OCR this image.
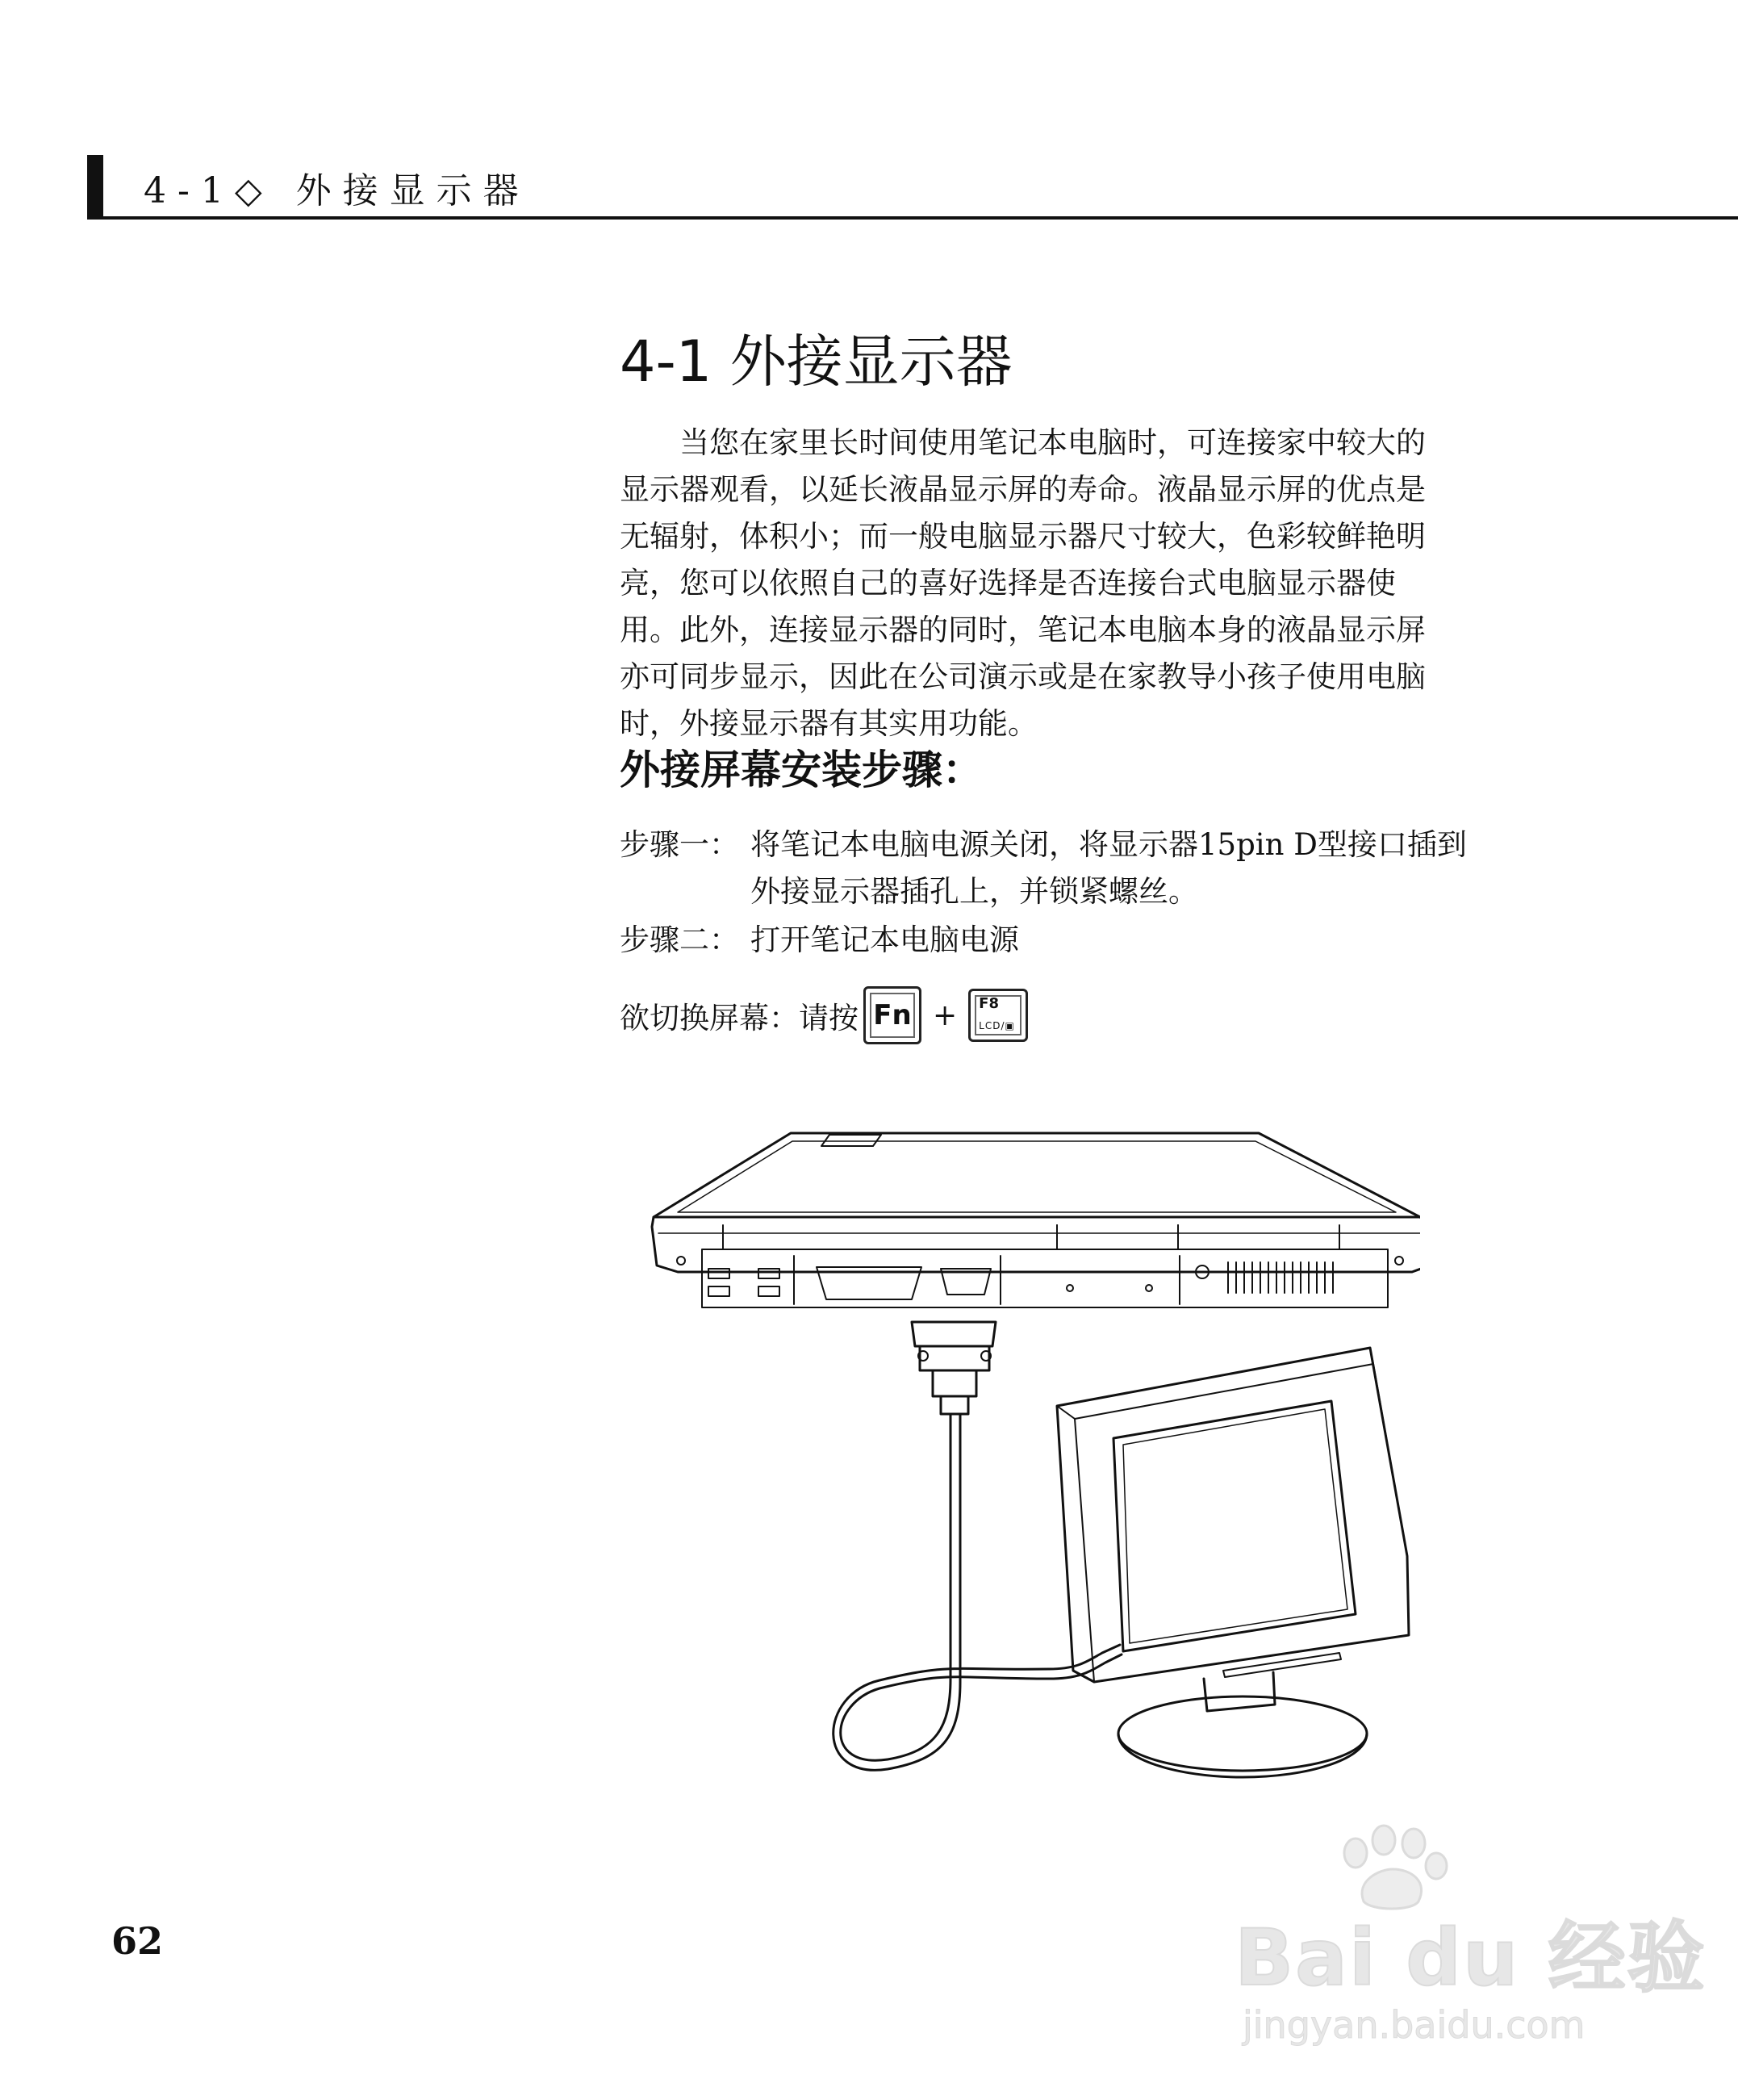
4-1◇ 外接显示器
4-1 外接显示器
当您在家里长时间使用笔记本电脑时，可连接家中较大的
显示器观看，以延长液晶显示屏的寿命。液晶显示屏的优点是
无辐射，体积小；而一般电脑显示器尺寸较大，色彩较鲜艳明
亮，您可以依照自己的喜好选择是否连接台式电脑显示器使
用。此外，连接显示器的同时，笔记本电脑本身的液晶显示屏
亦可同步显示，因此在公司演示或是在家教导小孩子使用电脑
时，外接显示器有其实用功能。
外接屏幕安装步骤：
步骤一： 将笔记本电脑电源关闭，将显示器15pin D型接口插到
外接显示器插孔上，并锁紧螺丝。
步骤二： 打开笔记本电脑电源
欲切换屏幕：请按 Fn + F8
LCD/▣
62	Bai du 经验
jingyan.baidu.com
